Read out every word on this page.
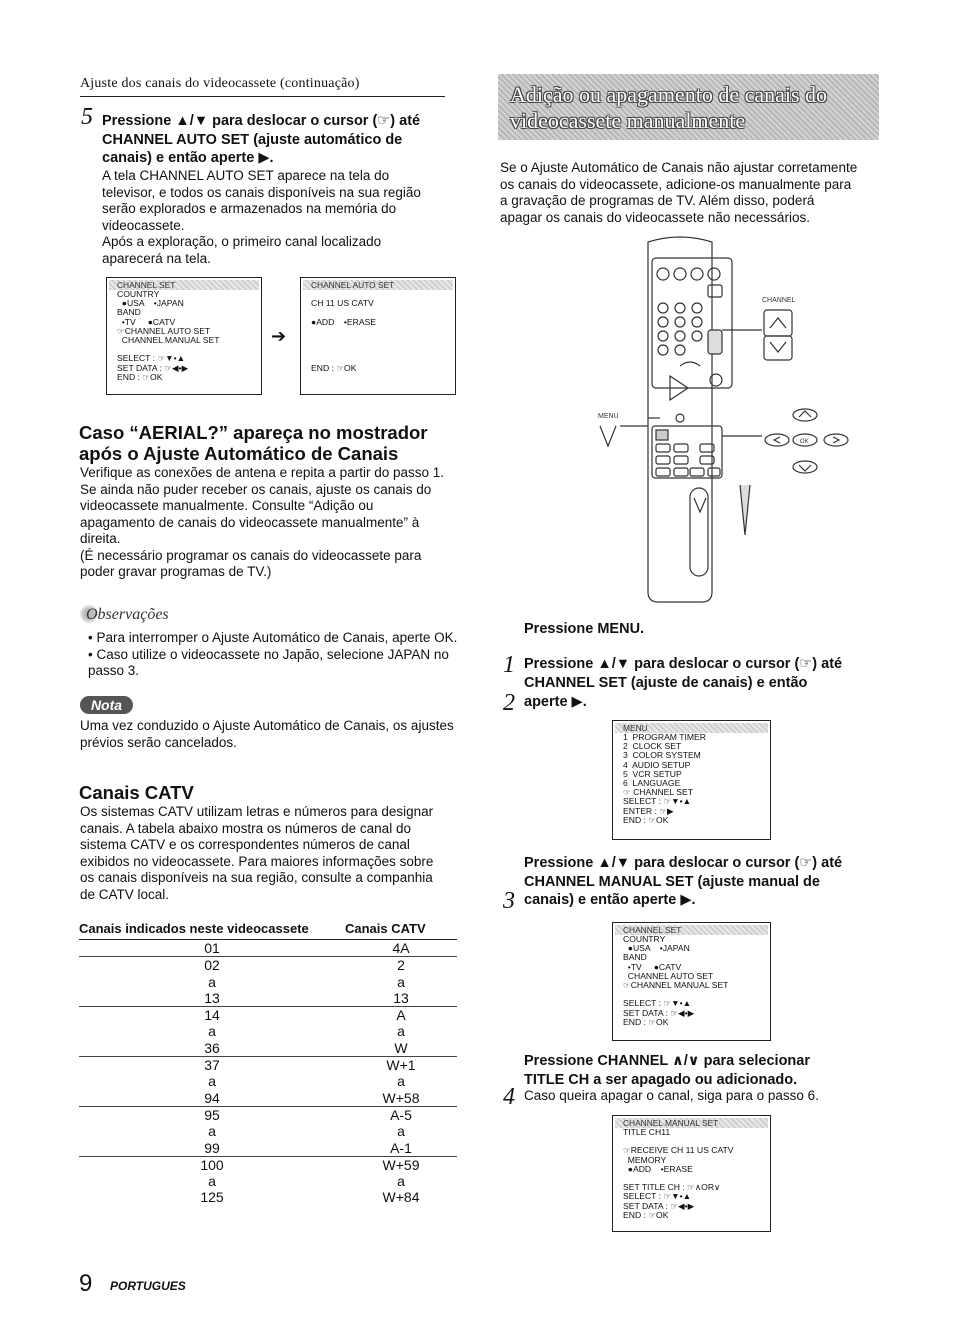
Ajuste dos canais do videocassete (continuação)
5 Pressione ▲/▼ para deslocar o cursor (☞) até
CHANNEL AUTO SET (ajuste automático de
canais) e então aperte ▶.
A tela CHANNEL AUTO SET aparece na tela do
televisor, e todos os canais disponíveis na sua região
serão explorados e armazenados na memória do
videocassete.
Após a exploração, o primeiro canal localizado
aparecerá na tela.
CHANNEL SET
COUNTRY
●USA    •JAPAN
BAND
•TV     ●CATV
☞CHANNEL AUTO SET
CHANNEL MANUAL SET

SELECT : ☞▼•▲
SET DATA : ☞◀•▶
END : ☞OK
➔
CHANNEL AUTO SET

CH 11 US CATV

●ADD    •ERASE

END : ☞OK
Caso “AERIAL?” apareça no mostrador
após o Ajuste Automático de Canais
Verifique as conexões de antena e repita a partir do passo 1.
Se ainda não puder receber os canais, ajuste os canais do
videocassete manualmente. Consulte “Adição ou
apagamento de canais do videocassete manualmente” à
direita.
(É necessário programar os canais do videocassete para
poder gravar programas de TV.)
Observações
• Para interromper o Ajuste Automático de Canais, aperte OK.
• Caso utilize o videocassete no Japão, selecione JAPAN no
passo 3.
Nota
Uma vez conduzido o Ajuste Automático de Canais, os ajustes
prévios serão cancelados.
Canais CATV
Os sistemas CATV utilizam letras e números para designar
canais. A tabela abaixo mostra os números de canal do
sistema CATV e os correspondentes números de canal
exibidos no videocassete. Para maiores informações sobre
os canais disponíveis na sua região, consulte a companhia
de CATV local.
Canais indicados neste videocassete	Canais CATV
01	4A
02	2
a	a
13	13
14	A
a	a
36	W
37	W+1
a	a
94	W+58
95	A-5
a	a
99	A-1
100	W+59
a	a
125	W+84
9 PORTUGUES
Adição ou apagamento de canais do
videocassete manualmente
Se o Ajuste Automático de Canais não ajustar corretamente
os canais do videocassete, adicione-os manualmente para
a gravação de programas de TV. Além disso, poderá
apagar os canais do videocassete não necessários.
CHANNEL
MENU
OK
Pressione MENU.
1 Pressione ▲/▼ para deslocar o cursor (☞) até
CHANNEL SET (ajuste de canais) e então
2 aperte ▶.
MENU
1  PROGRAM TIMER
2  CLOCK SET
3  COLOR SYSTEM
4  AUDIO SETUP
5  VCR SETUP
6  LANGUAGE
☞ CHANNEL SET
SELECT : ☞▼•▲
ENTER : ☞▶
END : ☞OK
Pressione ▲/▼ para deslocar o cursor (☞) até
CHANNEL MANUAL SET (ajuste manual de
canais) e então aperte ▶.
3
CHANNEL SET
COUNTRY
●USA    •JAPAN
BAND
•TV     ●CATV
CHANNEL AUTO SET
☞CHANNEL MANUAL SET

SELECT : ☞▼•▲
SET DATA : ☞◀•▶
END : ☞OK
Pressione CHANNEL ∧/∨ para selecionar
TITLE CH a ser apagado ou adicionado.
4 Caso queira apagar o canal, siga para o passo 6.
CHANNEL MANUAL SET
TITLE CH11

☞RECEIVE CH 11 US CATV
MEMORY
●ADD    •ERASE

SET TITLE CH : ☞∧OR∨
SELECT : ☞▼•▲
SET DATA : ☞◀•▶
END : ☞OK
